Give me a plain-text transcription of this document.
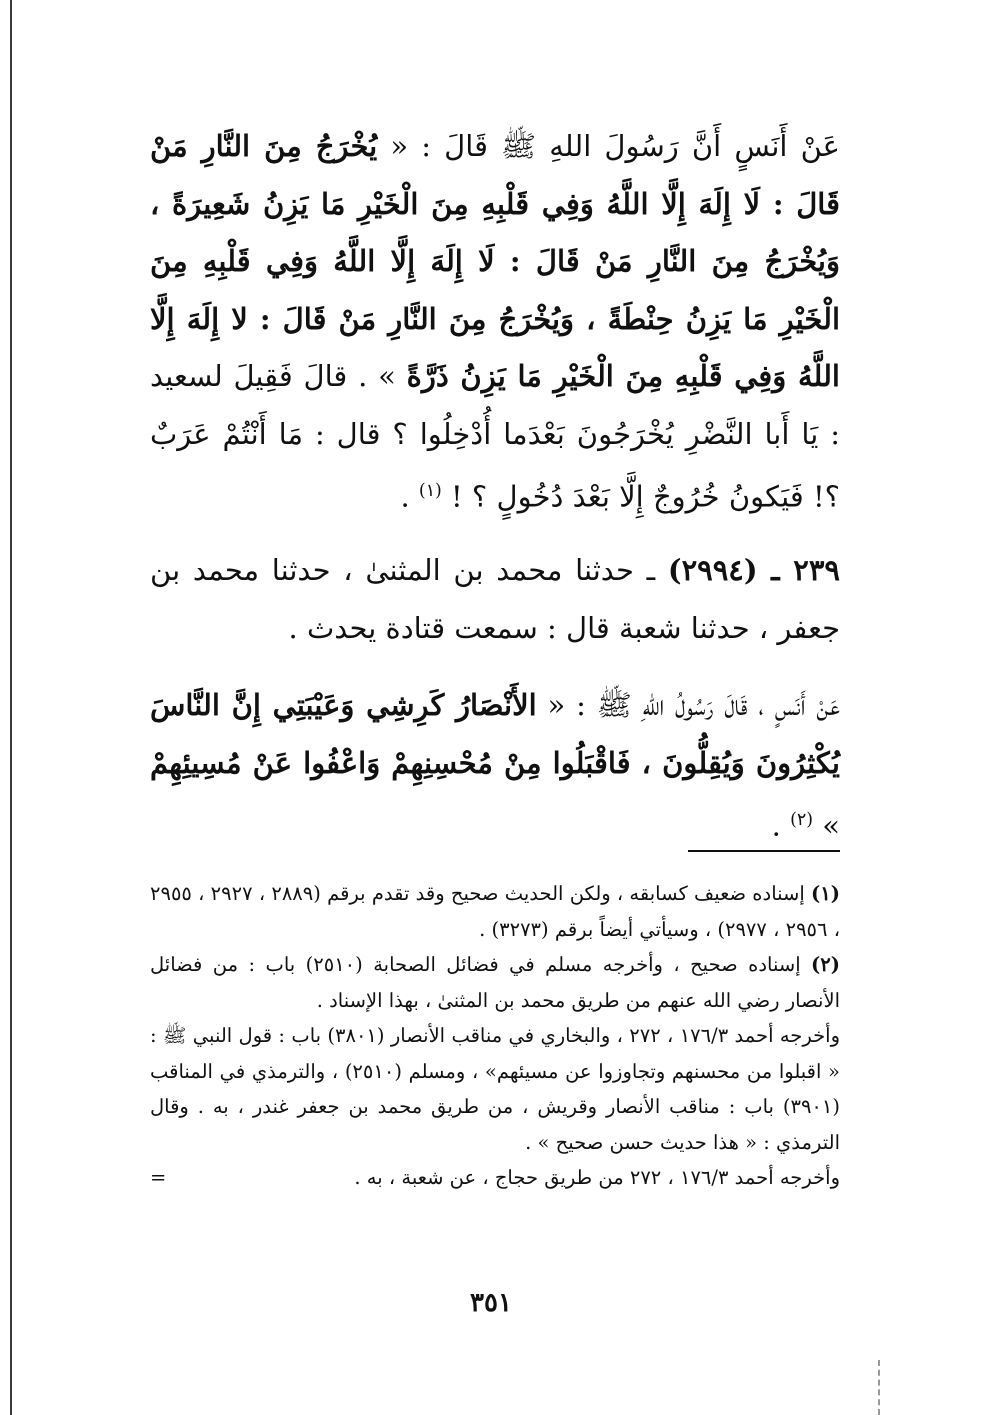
عَنْ أَنَسٍ أَنَّ رَسُولَ اللهِ ﷺ قَالَ : « يُخْرَجُ مِنَ النَّارِ مَنْ قَالَ : لَا إِلَهَ إِلَّا اللَّهُ وَفِي قَلْبِهِ مِنَ الْخَيْرِ مَا يَزِنُ شَعِيرَةً ، وَيُخْرَجُ مِنَ النَّارِ مَنْ قَالَ : لَا إِلَهَ إِلَّا اللَّهُ وَفِي قَلْبِهِ مِنَ الْخَيْرِ مَا يَزِنُ حِنْطَةً ، وَيُخْرَجُ مِنَ النَّارِ مَنْ قَالَ : لا إِلَهَ إِلَّا اللَّهُ وَفِي قَلْبِهِ مِنَ الْخَيْرِ مَا يَزِنُ ذَرَّةً » . قالَ فَقِيلَ لسعيد : يَا أَبا النَّضْرِ يُخْرَجُونَ بَعْدَما أُدْخِلُوا ؟ قال : مَا أَنْتُمْ عَرَبٌ ؟! فَيَكونُ خُرُوجٌ إِلَّا بَعْدَ دُخُولٍ ؟ ! $^{(١)}$ .

٢٣٩ ـ (٢٩٩٤) ـ حدثنا محمد بن المثنىٰ ، حدثنا محمد بن جعفر ، حدثنا شعبة قال : سمعت قتادة يحدث .

عَنْ أَنَسٍ ، قَالَ رَسُولُ اللهِ ﷺ : « الأَنْصَارُ كَرِشِي وَعَيْبَتِي إِنَّ النَّاسَ يُكْثِرُونَ وَيُقِلُّونَ ، فَاقْبَلُوا مِنْ مُحْسِنِهِمْ وَاعْفُوا عَنْ مُسِيئِهِمْ » $^{(٢)}$ .

(١) إسناده ضعيف كسابقه ، ولكن الحديث صحيح وقد تقدم برقم (٢٨٨٩ ، ٢٩٢٧ ، ٢٩٥٥ ، ٢٩٥٦ ، ٢٩٧٧) ، وسيأتي أيضاً برقم (٣٢٧٣) .

(٢) إسناده صحيح ، وأخرجه مسلم في فضائل الصحابة (٢٥١٠) باب : من فضائل الأنصار رضي الله عنهم من طريق محمد بن المثنىٰ ، بهذا الإسناد .

وأخرجه أحمد ١٧٦/٣ ، ٢٧٢ ، والبخاري في مناقب الأنصار (٣٨٠١) باب : قول النبي ﷺ : « اقبلوا من محسنهم وتجاوزوا عن مسيئهم» ، ومسلم (٢٥١٠) ، والترمذي في المناقب (٣٩٠١) باب : مناقب الأنصار وقريش ، من طريق محمد بن جعفر غندر ، به . وقال الترمذي : « هذا حديث حسن صحيح » .

وأخرجه أحمد ١٧٦/٣ ، ٢٧٢ من طريق حجاج ، عن شعبة ، به .
=
٣٥١
